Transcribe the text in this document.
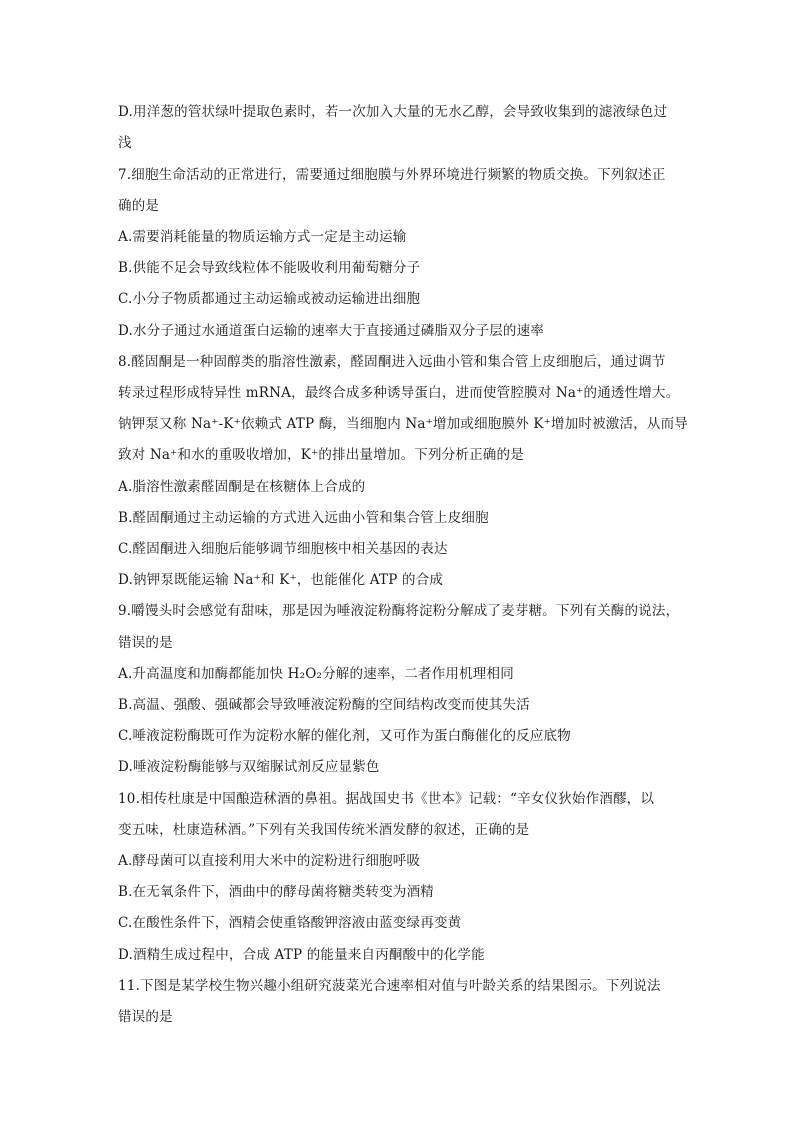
D.用洋葱的管状绿叶提取色素时，若一次加入大量的无水乙醇，会导致收集到的滤液绿色过
浅
7.细胞生命活动的正常进行，需要通过细胞膜与外界环境进行频繁的物质交换。下列叙述正
确的是
A.需要消耗能量的物质运输方式一定是主动运输
B.供能不足会导致线粒体不能吸收利用葡萄糖分子
C.小分子物质都通过主动运输或被动运输进出细胞
D.水分子通过水通道蛋白运输的速率大于直接通过磷脂双分子层的速率
8.醛固酮是一种固醇类的脂溶性激素，醛固酮进入远曲小管和集合管上皮细胞后，通过调节
转录过程形成特异性 mRNA，最终合成多种诱导蛋白，进而使管腔膜对 Na⁺的通透性增大。
钠钾泵又称 Na⁺-K⁺依赖式 ATP 酶，当细胞内 Na⁺增加或细胞膜外 K⁺增加时被激活，从而导
致对 Na⁺和水的重吸收增加，K⁺的排出量增加。下列分析正确的是
A.脂溶性激素醛固酮是在核糖体上合成的
B.醛固酮通过主动运输的方式进入远曲小管和集合管上皮细胞
C.醛固酮进入细胞后能够调节细胞核中相关基因的表达
D.钠钾泵既能运输 Na⁺和 K⁺，也能催化 ATP 的合成
9.嚼馒头时会感觉有甜味，那是因为唾液淀粉酶将淀粉分解成了麦芽糖。下列有关酶的说法，
错误的是
A.升高温度和加酶都能加快 H₂O₂分解的速率，二者作用机理相同
B.高温、强酸、强碱都会导致唾液淀粉酶的空间结构改变而使其失活
C.唾液淀粉酶既可作为淀粉水解的催化剂，又可作为蛋白酶催化的反应底物
D.唾液淀粉酶能够与双缩脲试剂反应显紫色
10.相传杜康是中国酿造秫酒的鼻祖。据战国史书《世本》记载：“辛女仪狄始作酒醪，以
变五味，杜康造秫酒。”下列有关我国传统米酒发酵的叙述，正确的是
A.酵母菌可以直接利用大米中的淀粉进行细胞呼吸
B.在无氧条件下，酒曲中的酵母菌将糖类转变为酒精
C.在酸性条件下，酒精会使重铬酸钾溶液由蓝变绿再变黄
D.酒精生成过程中，合成 ATP 的能量来自丙酮酸中的化学能
11.下图是某学校生物兴趣小组研究菠菜光合速率相对值与叶龄关系的结果图示。下列说法
错误的是
